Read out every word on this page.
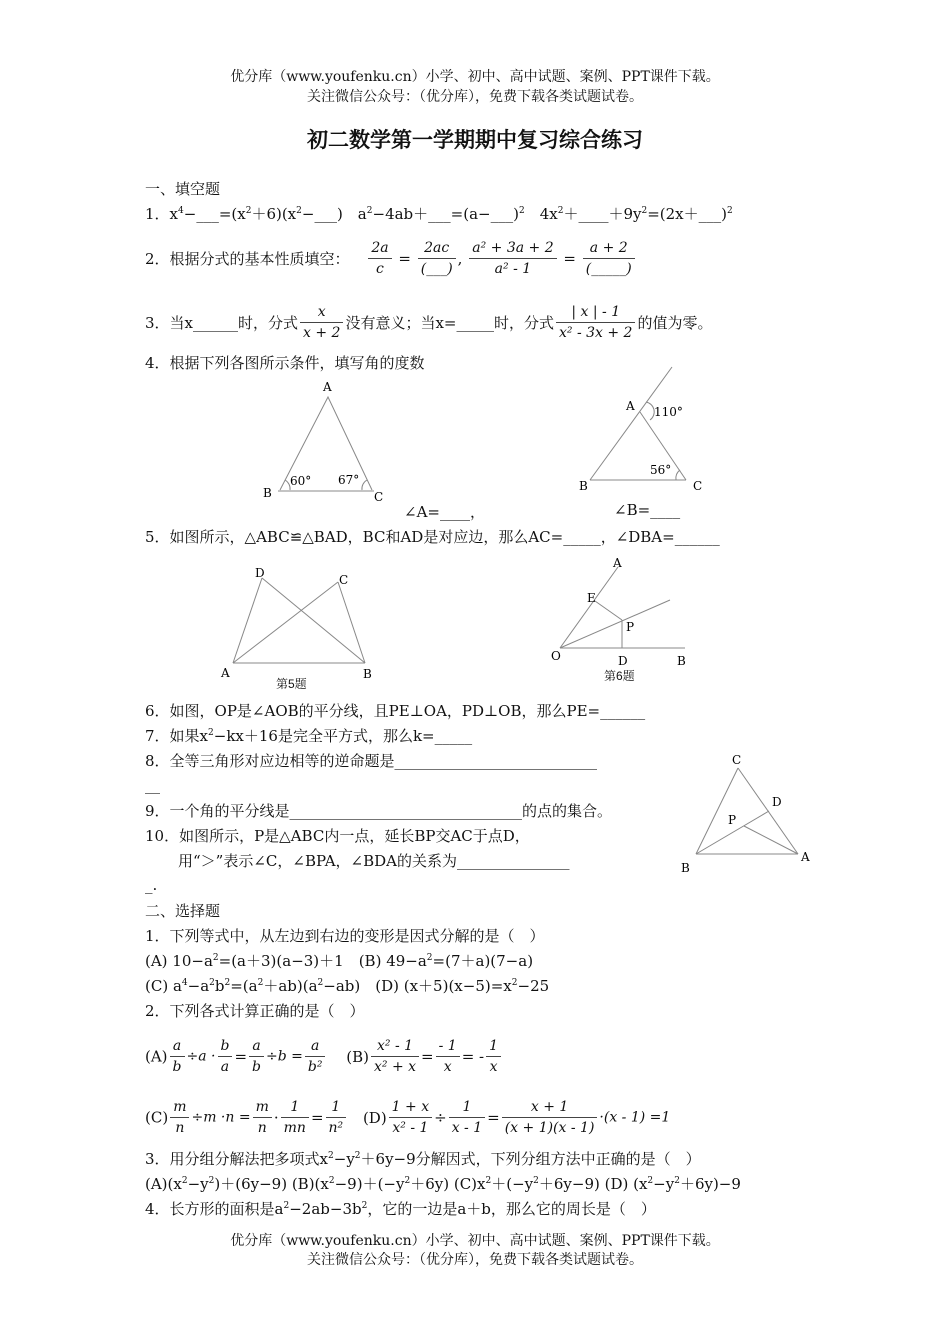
优分库（www.youfenku.cn）小学、初中、高中试题、案例、PPT课件下载。
关注微信公众号：（优分库），免费下载各类试题试卷。
初二数学第一学期期中复习综合练习
一、填空题
1．$x^4-\_\_\_=(x^2+6)(x^2-\_\_\_)$　$a^2-4ab+\_\_\_=(a-\_\_\_)^2$　$4x^2+\_\_\_\_+9y^2=(2x+\_\_\_)^2$
2．根据分式的基本性质填空： $\frac{2a}{c} = \frac{2ac}{(\_\_\_)}$ , $\frac{\text{a² + 3a + 2}}{\text{a² - 1}} = \frac{a + 2}{(\_\_\_\_\_)}$
3．当x______时，分式 $\frac{x}{x + 2}$ 没有意义；当x=_____时，分式 $\frac{| x | - 1}{\text{x² - 3x + 2}}$ 的值为零。
4．根据下列各图所示条件，填写角的度数
A
B	C
60° 67°
∠A=____，
A
B	C
110°
56°
∠B=____
5．如图所示，△ABC≌△BAD，BC和AD是对应边，那么AC=_____，∠DBA=______
D	C
A	B
第5题
A
E
P
O	D	B
第6题
6．如图，OP是∠AOB的平分线，且PE⊥OA，PD⊥OB，那么PE=______
7．如果$x^2-kx+16$是完全平方式，那么k=_____
8．全等三角形对应边相等的逆命题是___________________________
__
9．一个角的平分线是_______________________________的点的集合。
10．如图所示，P是△ABC内一点，延长BP交AC于点D，
用“＞”表示∠C，∠BPA，∠BDA的关系为_______________
_.
C
D
P
B
A
二、选择题
1．下列等式中，从左边到右边的变形是因式分解的是（　）
(A) $10-a^2=(a+3)(a-3)+1$　(B) $49-a^2=(7+a)(7-a)$
(C) $a^4-a^2b^2=(a^2+ab)(a^2-ab)$　(D) $(x+5)(x-5)=x^2-25$
2．下列各式计算正确的是（　）
$(A) \frac{a}{b} \div a \cdot \frac{b}{a} = \frac{a}{b} \div b = \frac{a}{\text{b²}} (B) \frac{\text{x² - 1}}{\text{x² + x}} = \frac{- 1}{x}$ = - $\frac{1}{x}$
$(C) \frac{m}{n} \div m \cdot n = \frac{m}{n} \cdot \frac{1}{mn} = \frac{1}{\text{n²}} (D) \frac{1 + x}{\text{x² - 1}} \div \frac{1}{x - 1} = \frac{x + 1}{(x + 1)(x - 1)} \cdot(x - 1) =1$
3．用分组分解法把多项式$x^2-y^2+6y-9$分解因式，下列分组方法中正确的是（　）
$(A)(x^2-y^2)+(6y-9)$ $(B)(x^2-9)+(-y^2+6y)$ $(C)x^2+(-y^2+6y-9)$ (D) $(x^2-y^2+6y)-9$
4．长方形的面积是$a^2-2ab-3b^2$，它的一边是a＋b，那么它的周长是（　）
优分库（www.youfenku.cn）小学、初中、高中试题、案例、PPT课件下载。
关注微信公众号：（优分库），免费下载各类试题试卷。
